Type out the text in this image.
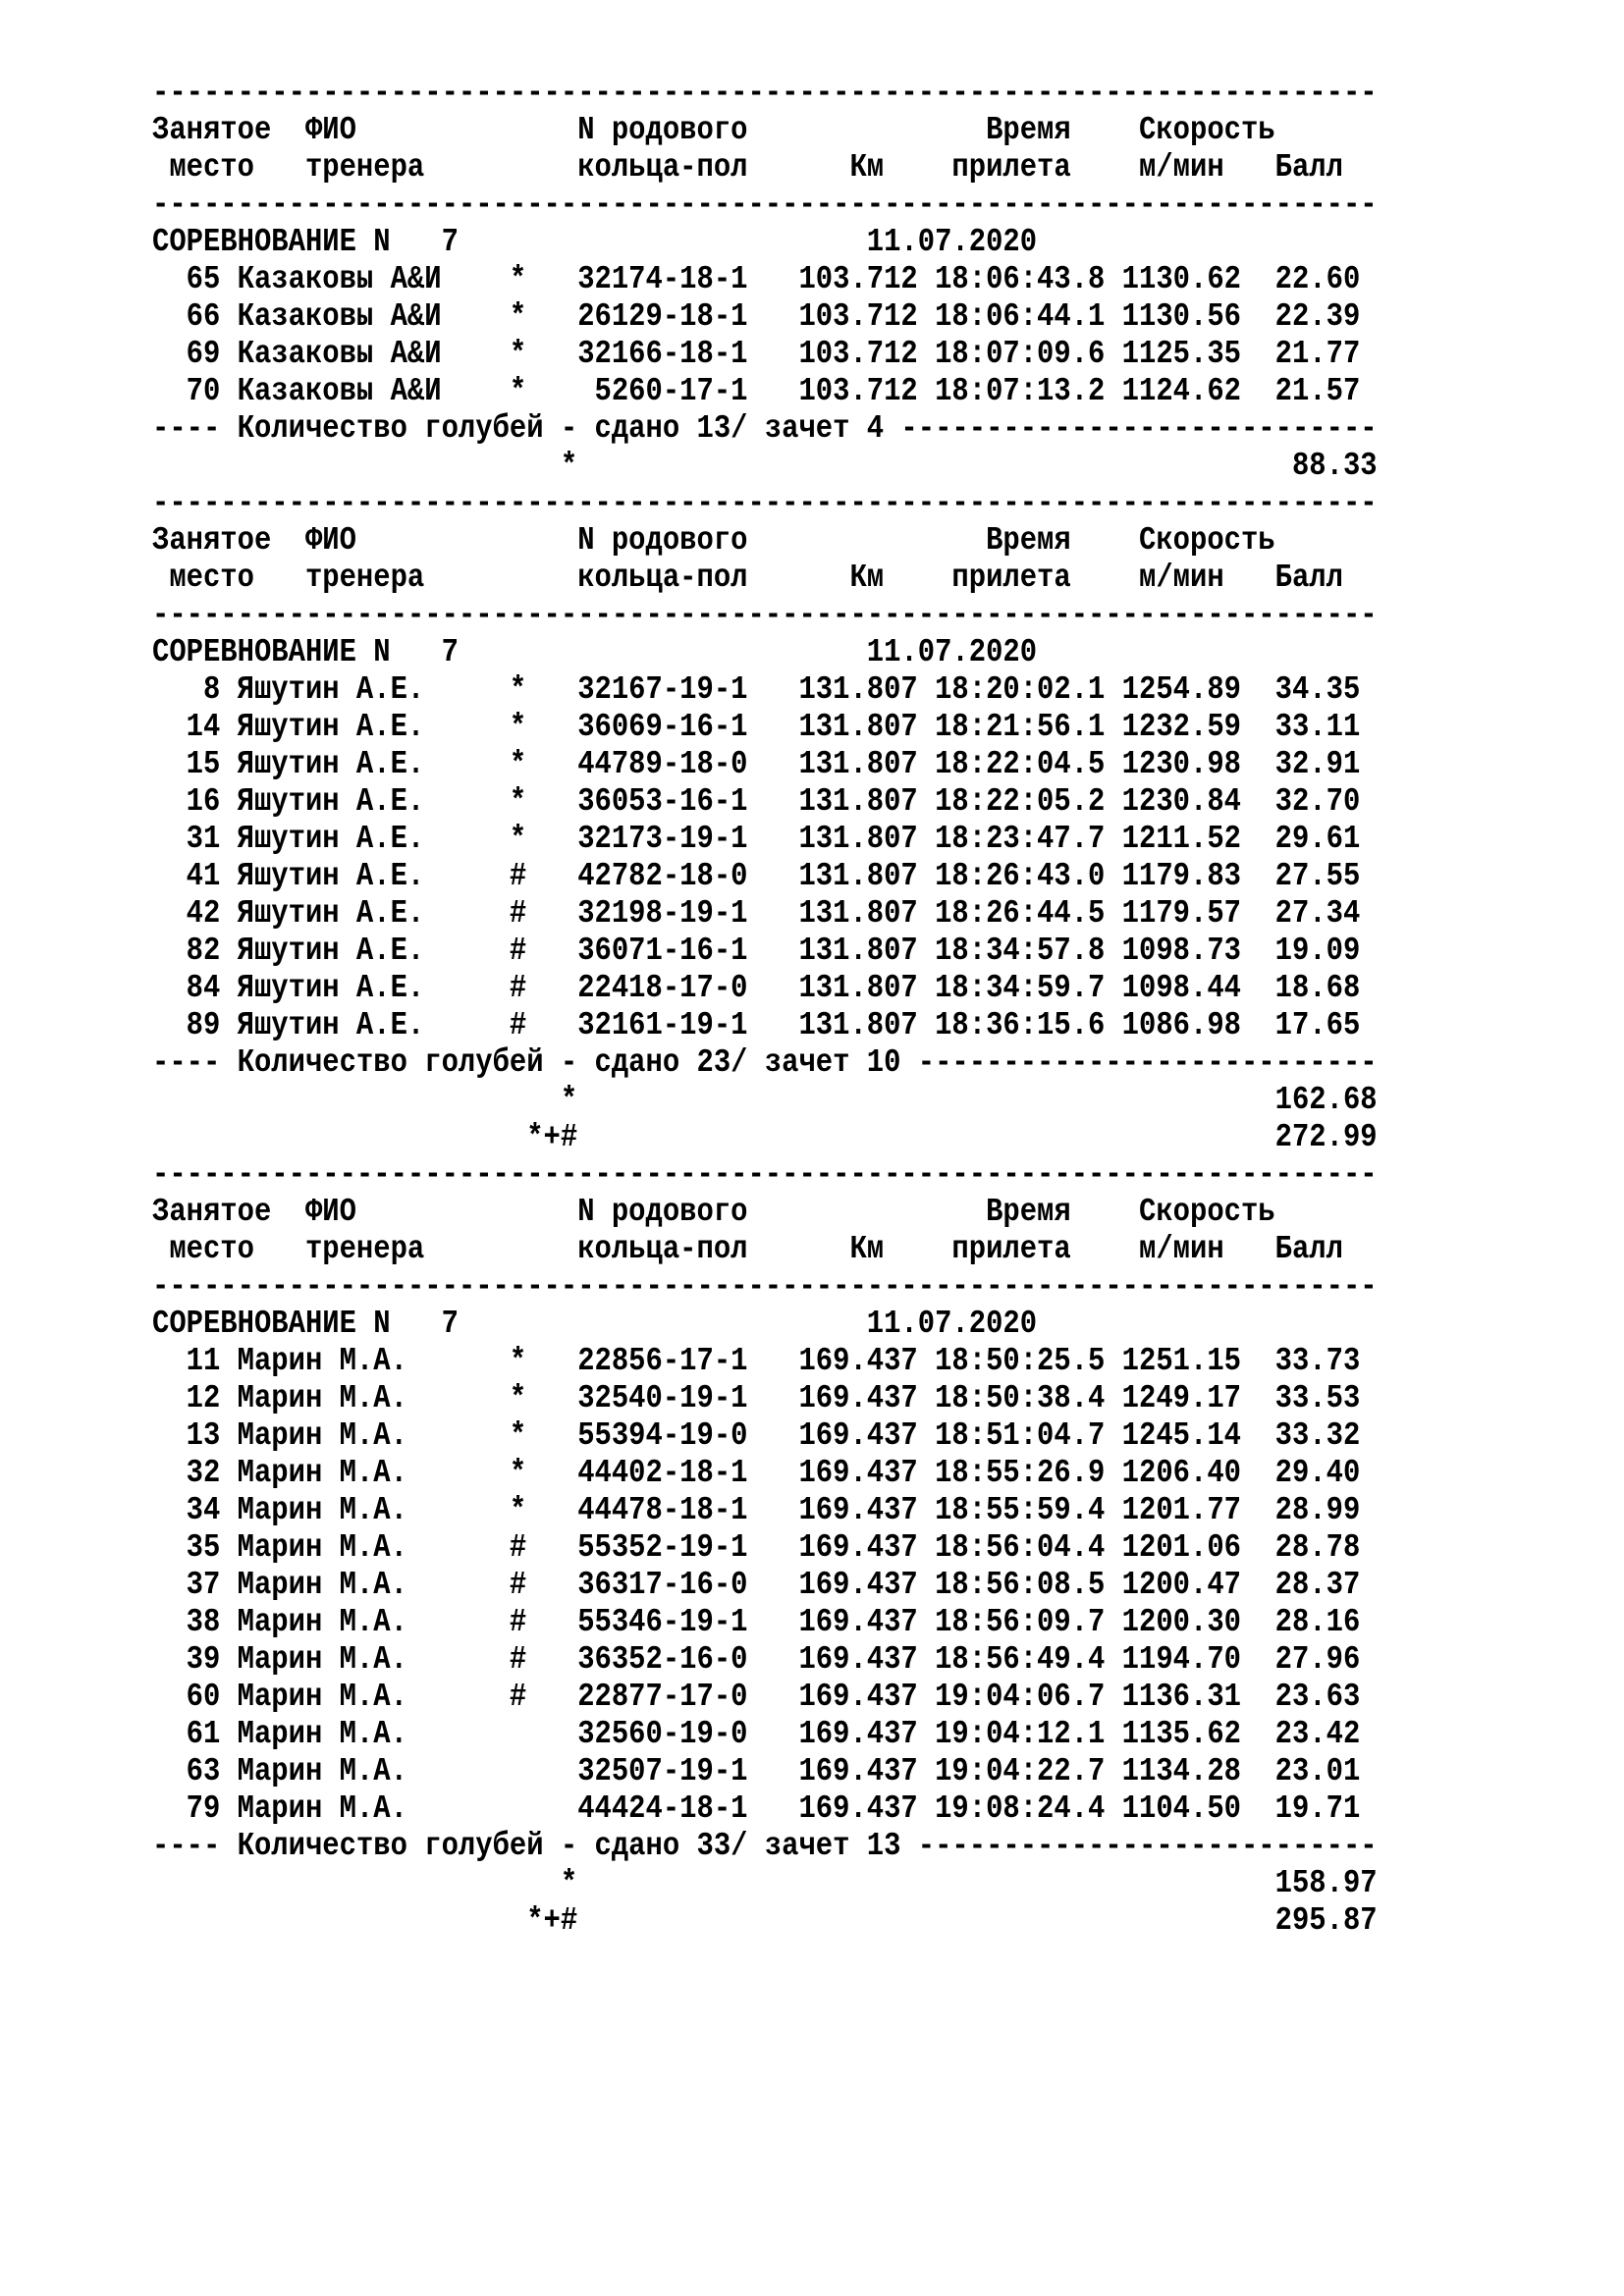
------------------------------------------------------------------------
Занятое  ФИО             N родового              Время    Скорость
место   тренера         кольца-пол      Км    прилета    м/мин   Балл
------------------------------------------------------------------------
СОРЕВНОВАНИЕ N   7                        11.07.2020
65 Казаковы А&И    *   32174-18-1   103.712 18:06:43.8 1130.62  22.60
66 Казаковы А&И    *   26129-18-1   103.712 18:06:44.1 1130.56  22.39
69 Казаковы А&И    *   32166-18-1   103.712 18:07:09.6 1125.35  21.77
70 Казаковы А&И    *    5260-17-1   103.712 18:07:13.2 1124.62  21.57
---- Количество голубей - сдано 13/ зачет 4 ----------------------------
*                                          88.33
------------------------------------------------------------------------
Занятое  ФИО             N родового              Время    Скорость
место   тренера         кольца-пол      Км    прилета    м/мин   Балл
------------------------------------------------------------------------
СОРЕВНОВАНИЕ N   7                        11.07.2020
8 Яшутин А.Е.     *   32167-19-1   131.807 18:20:02.1 1254.89  34.35
14 Яшутин А.Е.     *   36069-16-1   131.807 18:21:56.1 1232.59  33.11
15 Яшутин А.Е.     *   44789-18-0   131.807 18:22:04.5 1230.98  32.91
16 Яшутин А.Е.     *   36053-16-1   131.807 18:22:05.2 1230.84  32.70
31 Яшутин А.Е.     *   32173-19-1   131.807 18:23:47.7 1211.52  29.61
41 Яшутин А.Е.     #   42782-18-0   131.807 18:26:43.0 1179.83  27.55
42 Яшутин А.Е.     #   32198-19-1   131.807 18:26:44.5 1179.57  27.34
82 Яшутин А.Е.     #   36071-16-1   131.807 18:34:57.8 1098.73  19.09
84 Яшутин А.Е.     #   22418-17-0   131.807 18:34:59.7 1098.44  18.68
89 Яшутин А.Е.     #   32161-19-1   131.807 18:36:15.6 1086.98  17.65
---- Количество голубей - сдано 23/ зачет 10 ---------------------------
*                                         162.68
*+#                                         272.99
------------------------------------------------------------------------
Занятое  ФИО             N родового              Время    Скорость
место   тренера         кольца-пол      Км    прилета    м/мин   Балл
------------------------------------------------------------------------
СОРЕВНОВАНИЕ N   7                        11.07.2020
11 Марин М.А.      *   22856-17-1   169.437 18:50:25.5 1251.15  33.73
12 Марин М.А.      *   32540-19-1   169.437 18:50:38.4 1249.17  33.53
13 Марин М.А.      *   55394-19-0   169.437 18:51:04.7 1245.14  33.32
32 Марин М.А.      *   44402-18-1   169.437 18:55:26.9 1206.40  29.40
34 Марин М.А.      *   44478-18-1   169.437 18:55:59.4 1201.77  28.99
35 Марин М.А.      #   55352-19-1   169.437 18:56:04.4 1201.06  28.78
37 Марин М.А.      #   36317-16-0   169.437 18:56:08.5 1200.47  28.37
38 Марин М.А.      #   55346-19-1   169.437 18:56:09.7 1200.30  28.16
39 Марин М.А.      #   36352-16-0   169.437 18:56:49.4 1194.70  27.96
60 Марин М.А.      #   22877-17-0   169.437 19:04:06.7 1136.31  23.63
61 Марин М.А.          32560-19-0   169.437 19:04:12.1 1135.62  23.42
63 Марин М.А.          32507-19-1   169.437 19:04:22.7 1134.28  23.01
79 Марин М.А.          44424-18-1   169.437 19:08:24.4 1104.50  19.71
---- Количество голубей - сдано 33/ зачет 13 ---------------------------
*                                         158.97
*+#                                         295.87
